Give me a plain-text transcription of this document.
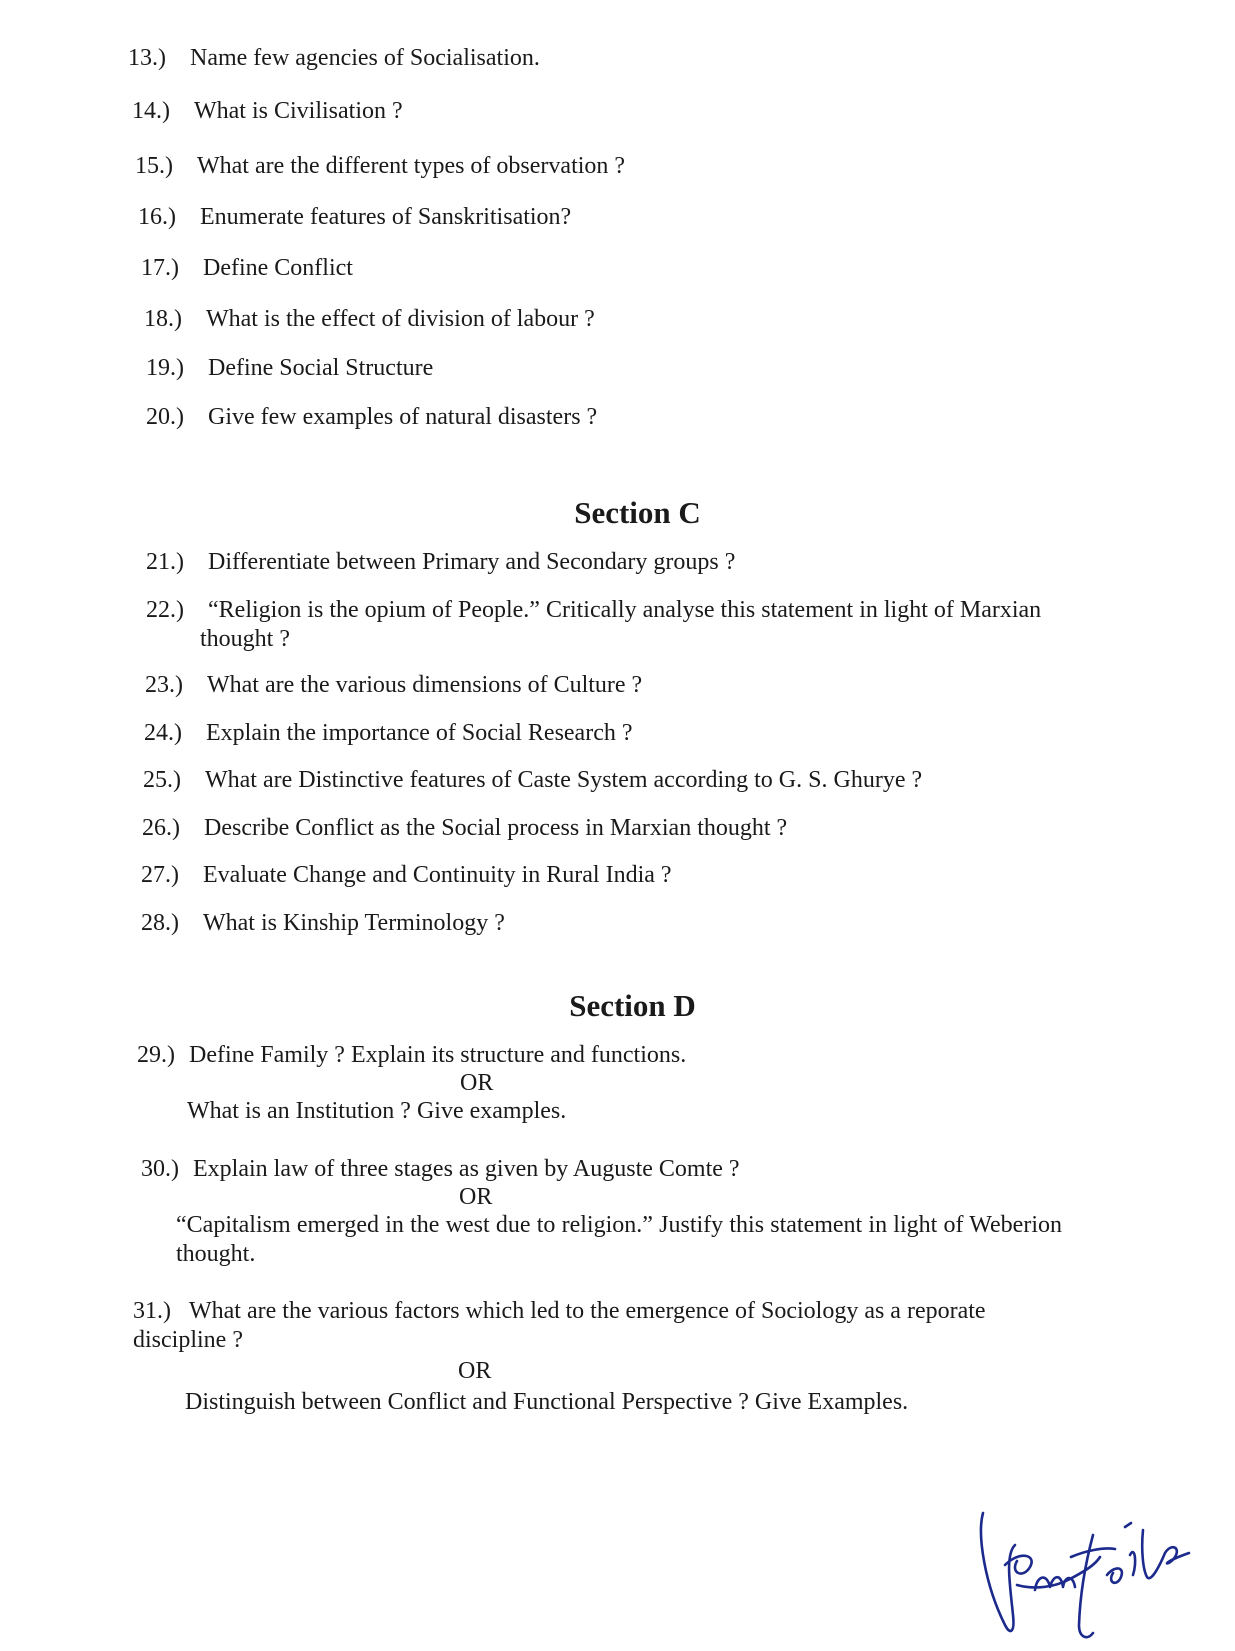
13.) Name few agencies of Socialisation.
14.) What is Civilisation ?
15.) What are the different types of observation ?
16.) Enumerate features of Sanskritisation?
17.) Define Conflict
18.) What is the effect of division of labour ?
19.) Define Social Structure
20.) Give few examples of natural disasters ?
Section C
21.) Differentiate between Primary and Secondary groups ?
22.) “Religion is the opium of People.” Critically analyse this statement in light of Marxian
thought ?
23.) What are the various dimensions of Culture ?
24.) Explain the importance of Social Research ?
25.) What are Distinctive features of Caste System according to G. S. Ghurye ?
26.) Describe Conflict as the Social process in Marxian thought ?
27.) Evaluate Change and Continuity in Rural India ?
28.) What is Kinship Terminology ?
Section D
29.) Define Family ? Explain its structure and functions.
OR
What is an Institution ? Give examples.
30.) Explain law of three stages as given by Auguste Comte ?
OR
“Capitalism emerged in the west due to religion.” Justify this statement in light of Weberion thought.
31.) What are the various factors which led to the emergence of Sociology as a reporate discipline ?
OR
Distinguish between Conflict and Functional Perspective ? Give Examples.
